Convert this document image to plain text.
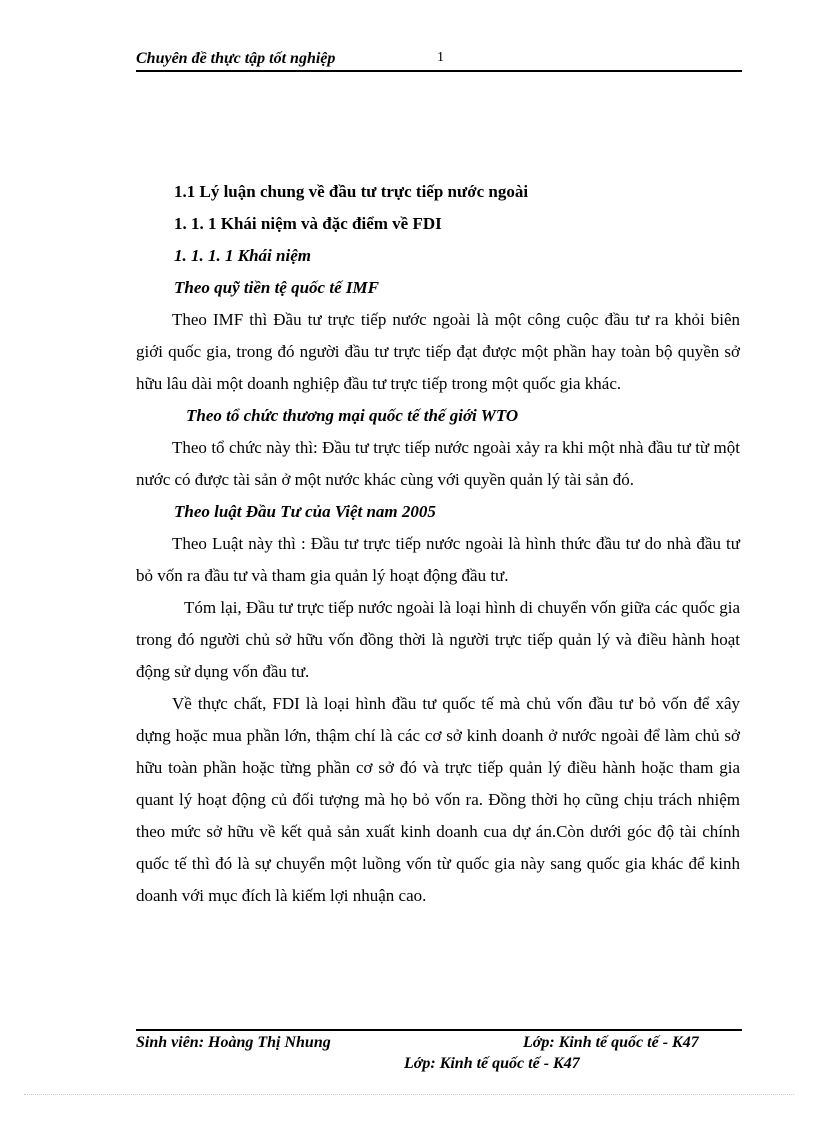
Chuyên đề thực tập tốt nghiệp	1
1.1 Lý luận chung về đầu tư trực tiếp nước ngoài
1. 1. 1 Khái niệm và đặc điểm về FDI
1. 1. 1. 1 Khái niệm
Theo quỹ tiền tệ quốc tế IMF

Theo IMF thì Đầu tư trực tiếp nước ngoài là một công cuộc đầu tư ra khỏi biên giới quốc gia, trong đó người đầu tư trực tiếp đạt được một phần hay toàn bộ quyền sở hữu lâu dài một doanh nghiệp đầu tư trực tiếp trong một quốc gia khác.

Theo tổ chức thương mại quốc tế thế giới WTO

Theo tổ chức này thì: Đầu tư trực tiếp nước ngoài xảy ra khi một nhà đầu tư từ một nước có được tài sản ở một nước khác cùng với quyền quản lý tài sản đó.

Theo luật Đầu Tư của Việt nam 2005

Theo Luật này thì : Đầu tư trực tiếp nước ngoài là hình thức đầu tư do nhà đầu tư bỏ vốn ra đầu tư và tham gia quản lý hoạt động đầu tư.

Tóm lại, Đầu tư trực tiếp nước ngoài là loại hình di chuyển vốn giữa các quốc gia trong đó người chủ sở hữu vốn đồng thời là người trực tiếp quản lý và điều hành hoạt động sử dụng vốn đầu tư.

Về thực chất, FDI là loại hình đầu tư quốc tế mà chủ vốn đầu tư bỏ vốn để xây dựng hoặc mua phần lớn, thậm chí là các cơ sở kinh doanh ở nước ngoài để làm chủ sở hữu toàn phần hoặc từng phần cơ sở đó và trực tiếp quản lý điều hành hoặc tham gia quant lý hoạt động củ đối tượng mà họ bỏ vốn ra. Đồng thời họ cũng chịu trách nhiệm theo mức sở hữu về kết quả sản xuất kinh doanh cua dự án.Còn dưới góc độ tài chính quốc tế thì đó là sự chuyển một luồng vốn từ quốc gia này sang quốc gia khác để kinh doanh với mục đích là kiếm lợi nhuận cao.

Sinh viên: Hoàng Thị Nhung	Lớp: Kinh tế quốc tế - K47
Lớp: Kinh tế quốc tế - K47
